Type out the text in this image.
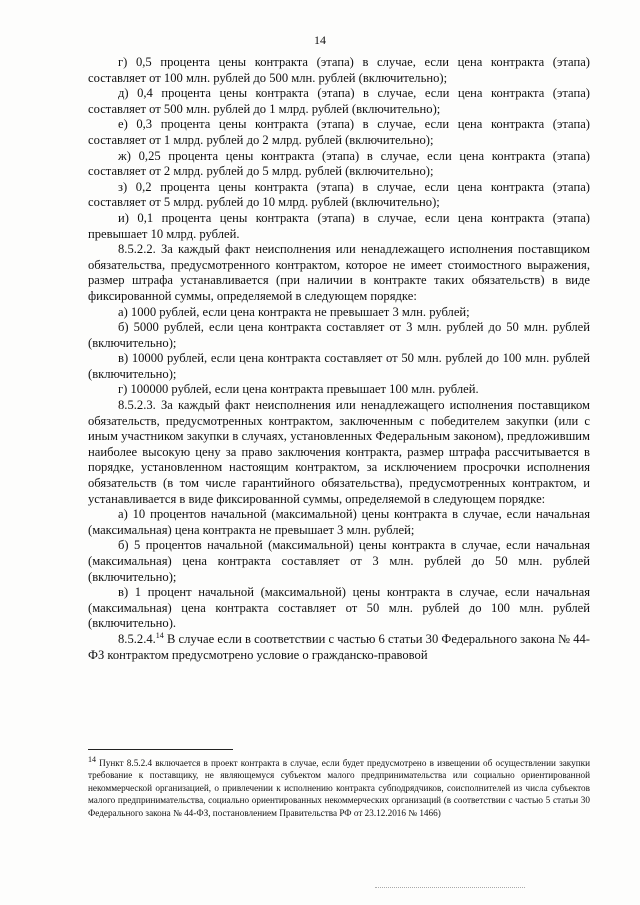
14

г) 0,5 процента цены контракта (этапа) в случае, если цена контракта (этапа) составляет от 100 млн. рублей до 500 млн. рублей (включительно);

д) 0,4 процента цены контракта (этапа) в случае, если цена контракта (этапа) составляет от 500 млн. рублей до 1 млрд. рублей (включительно);

е) 0,3 процента цены контракта (этапа) в случае, если цена контракта (этапа) составляет от 1 млрд. рублей до 2 млрд. рублей (включительно);

ж) 0,25 процента цены контракта (этапа) в случае, если цена контракта (этапа) составляет от 2 млрд. рублей до 5 млрд. рублей (включительно);

з) 0,2 процента цены контракта (этапа) в случае, если цена контракта (этапа) составляет от 5 млрд. рублей до 10 млрд. рублей (включительно);

и) 0,1 процента цены контракта (этапа) в случае, если цена контракта (этапа) превышает 10 млрд. рублей.

8.5.2.2. За каждый факт неисполнения или ненадлежащего исполнения поставщиком обязательства, предусмотренного контрактом, которое не имеет стоимостного выражения, размер штрафа устанавливается (при наличии в контракте таких обязательств) в виде фиксированной суммы, определяемой в следующем порядке:

а) 1000 рублей, если цена контракта не превышает 3 млн. рублей;

б) 5000 рублей, если цена контракта составляет от 3 млн. рублей до 50 млн. рублей (включительно);

в) 10000 рублей, если цена контракта составляет от 50 млн. рублей до 100 млн. рублей (включительно);

г) 100000 рублей, если цена контракта превышает 100 млн. рублей.

8.5.2.3. За каждый факт неисполнения или ненадлежащего исполнения поставщиком обязательств, предусмотренных контрактом, заключенным с победителем закупки (или с иным участником закупки в случаях, установленных Федеральным законом), предложившим наиболее высокую цену за право заключения контракта, размер штрафа рассчитывается в порядке, установленном настоящим контрактом, за исключением просрочки исполнения обязательств (в том числе гарантийного обязательства), предусмотренных контрактом, и устанавливается в виде фиксированной суммы, определяемой в следующем порядке:

а) 10 процентов начальной (максимальной) цены контракта в случае, если начальная (максимальная) цена контракта не превышает 3 млн. рублей;

б) 5 процентов начальной (максимальной) цены контракта в случае, если начальная (максимальная) цена контракта составляет от 3 млн. рублей до 50 млн. рублей (включительно);

в) 1 процент начальной (максимальной) цены контракта в случае, если начальная (максимальная) цена контракта составляет от 50 млн. рублей до 100 млн. рублей (включительно).

8.5.2.4.14 В случае если в соответствии с частью 6 статьи 30 Федерального закона № 44-ФЗ контрактом предусмотрено условие о гражданско-правовой

$^{14}$ Пункт 8.5.2.4 включается в проект контракта в случае, если будет предусмотрено в извещении об осуществлении закупки требование к поставщику, не являющемуся субъектом малого предпринимательства или социально ориентированной некоммерческой организацией, о привлечении к исполнению контракта субподрядчиков, соисполнителей из числа субъектов малого предпринимательства, социально ориентированных некоммерческих организаций (в соответствии с частью 5 статьи 30 Федерального закона № 44-ФЗ, постановлением Правительства РФ от 23.12.2016 № 1466)
